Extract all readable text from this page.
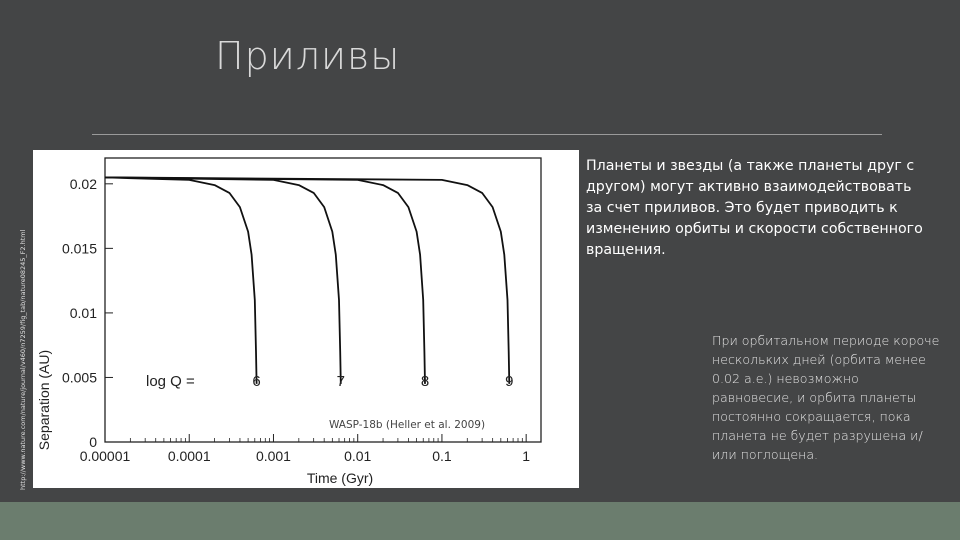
Приливы
http://www.nature.com/nature/journal/v460/n7259/fig_tab/nature08245_F2.html	0.00001	0.0001	0.001	0.01	0.1	1
0
0.005
0.01
0.015
0.02
6	7	8	9
Time (Gyr)
Separation (AU)	log Q =
WASP-18b (Heller et al. 2009)
Планеты и звезды (а также планеты друг с другом) могут активно взаимодействовать за счет приливов. Это будет приводить к изменению орбиты и скорости собственного вращения.
При орбитальном периоде короче нескольких дней (орбита менее 0.02 а.е.) невозможно равновесие, и орбита планеты постоянно сокращается, пока планета не будет разрушена и/или поглощена.
